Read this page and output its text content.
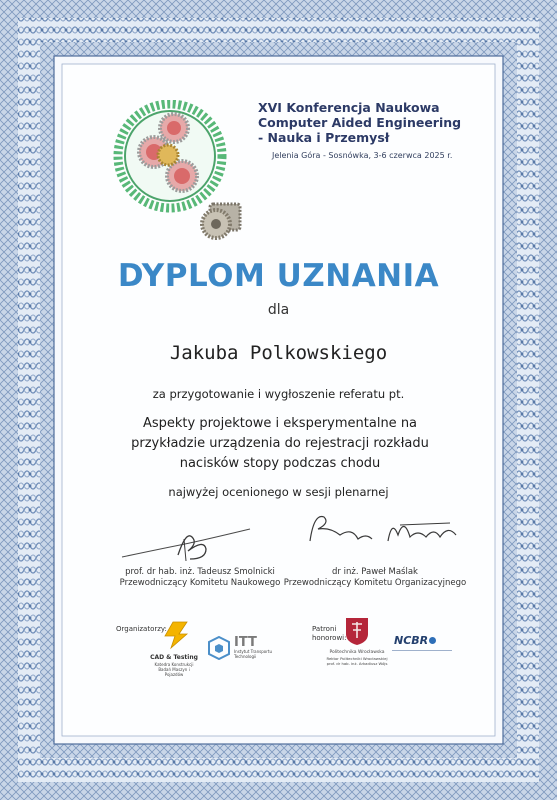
XVI Konferencja Naukowa
Computer Aided Engineering
- Nauka i Przemysł
Jelenia Góra - Sosnówka, 3-6 czerwca 2025 r.
DYPLOM UZNANIA
dla
Jakuba Polkowskiego
za przygotowanie i wygłoszenie referatu pt.
Aspekty projektowe i eksperymentalne na przykładzie urządzenia do rejestracji rozkładu nacisków stopy podczas chodu
najwyżej ocenionego w sesji plenarnej
prof. dr hab. inż. Tadeusz Smolnicki
Przewodniczący Komitetu Naukowego
dr inż. Paweł Maślak
Przewodniczący Komitetu Organizacyjnego
Organizatorzy:
CAD & Testing
Katedra Konstrukcji Badań Maszyn i Pojazdów
ITT
Instytut Transportu Technologii
Patroni
honorowi:
Politechnika Wrocławska
Rektor Politechniki Wrocławskiej prof. dr hab. inż. Arkadiusz Wójs
NCBR
